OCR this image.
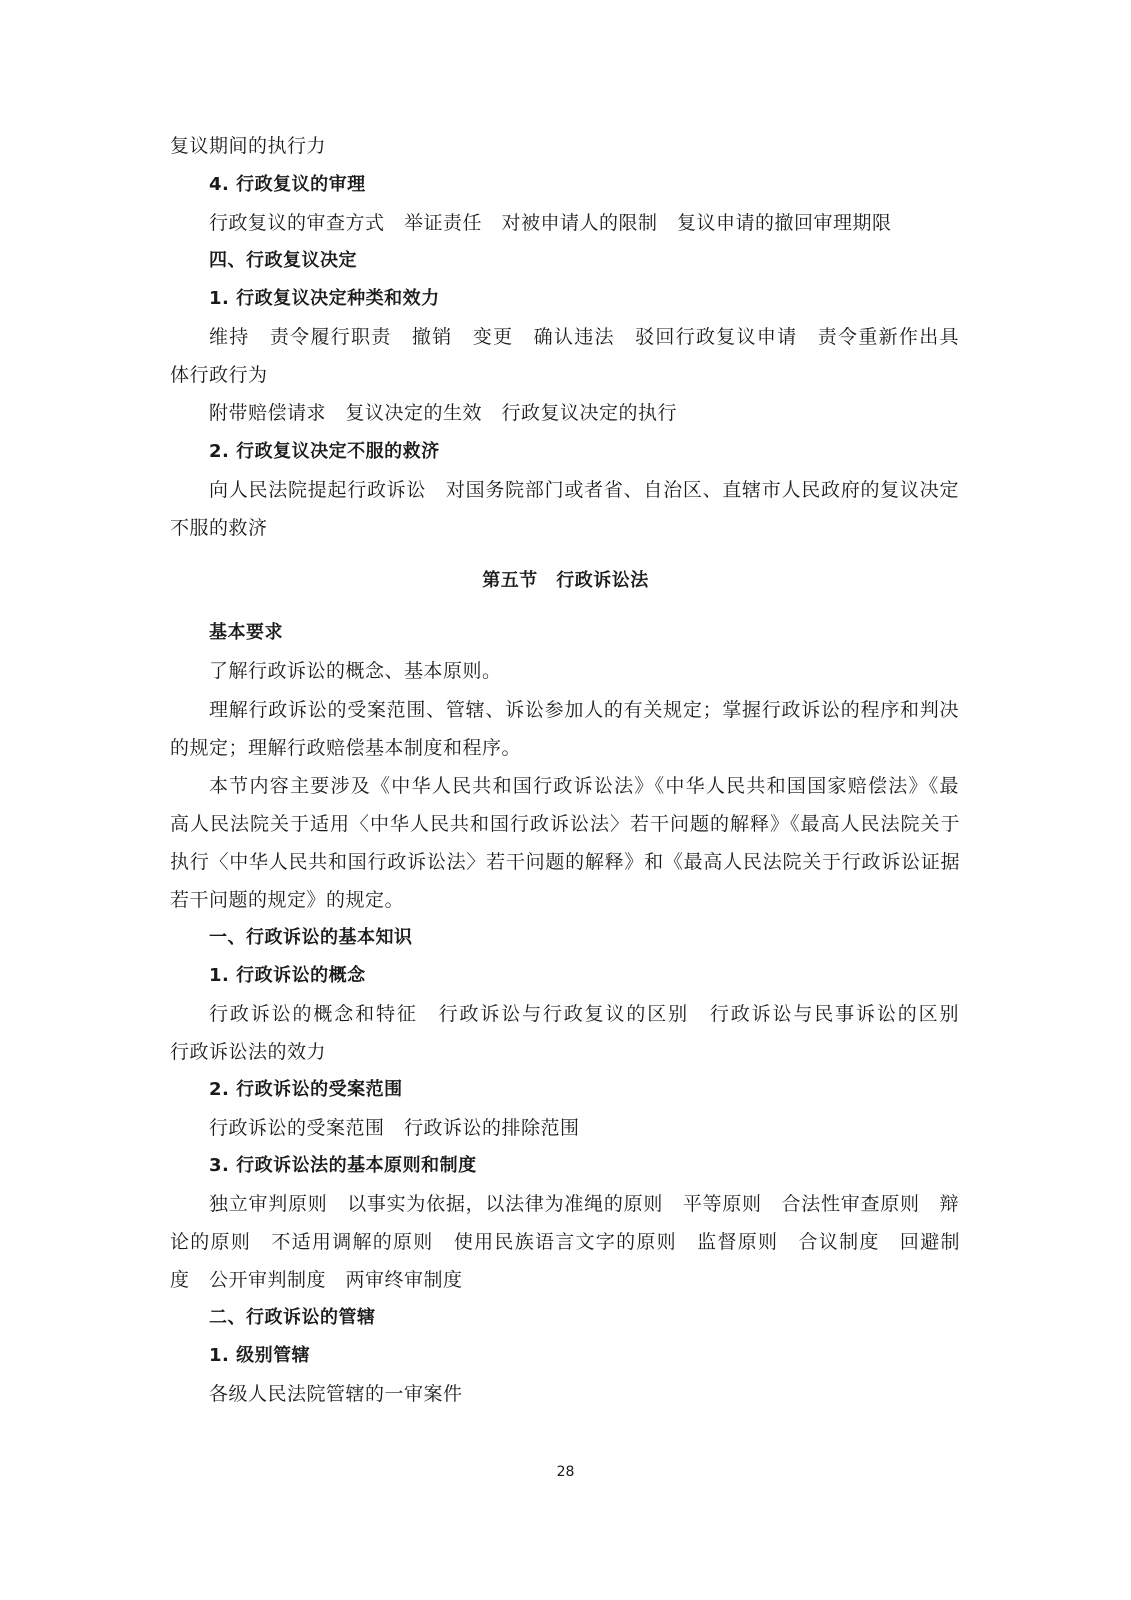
复议期间的执行力
4. 行政复议的审理
行政复议的审查方式　举证责任　对被申请人的限制　复议申请的撤回审理期限
四、行政复议决定
1. 行政复议决定种类和效力
维持　责令履行职责　撤销　变更　确认违法　驳回行政复议申请　责令重新作出具
体行政行为
附带赔偿请求　复议决定的生效　行政复议决定的执行
2. 行政复议决定不服的救济
向人民法院提起行政诉讼　对国务院部门或者省、自治区、直辖市人民政府的复议决定
不服的救济
第五节　行政诉讼法
基本要求
了解行政诉讼的概念、基本原则。
理解行政诉讼的受案范围、管辖、诉讼参加人的有关规定；掌握行政诉讼的程序和判决
的规定；理解行政赔偿基本制度和程序。
本节内容主要涉及《中华人民共和国行政诉讼法》《中华人民共和国国家赔偿法》《最
高人民法院关于适用〈中华人民共和国行政诉讼法〉若干问题的解释》《最高人民法院关于
执行〈中华人民共和国行政诉讼法〉若干问题的解释》和《最高人民法院关于行政诉讼证据
若干问题的规定》的规定。
一、行政诉讼的基本知识
1. 行政诉讼的概念
行政诉讼的概念和特征　行政诉讼与行政复议的区别　行政诉讼与民事诉讼的区别
行政诉讼法的效力
2. 行政诉讼的受案范围
行政诉讼的受案范围　行政诉讼的排除范围
3. 行政诉讼法的基本原则和制度
独立审判原则　以事实为依据，以法律为准绳的原则　平等原则　合法性审查原则　辩
论的原则　不适用调解的原则　使用民族语言文字的原则　监督原则　合议制度　回避制
度　公开审判制度　两审终审制度
二、行政诉讼的管辖
1. 级别管辖
各级人民法院管辖的一审案件
28
